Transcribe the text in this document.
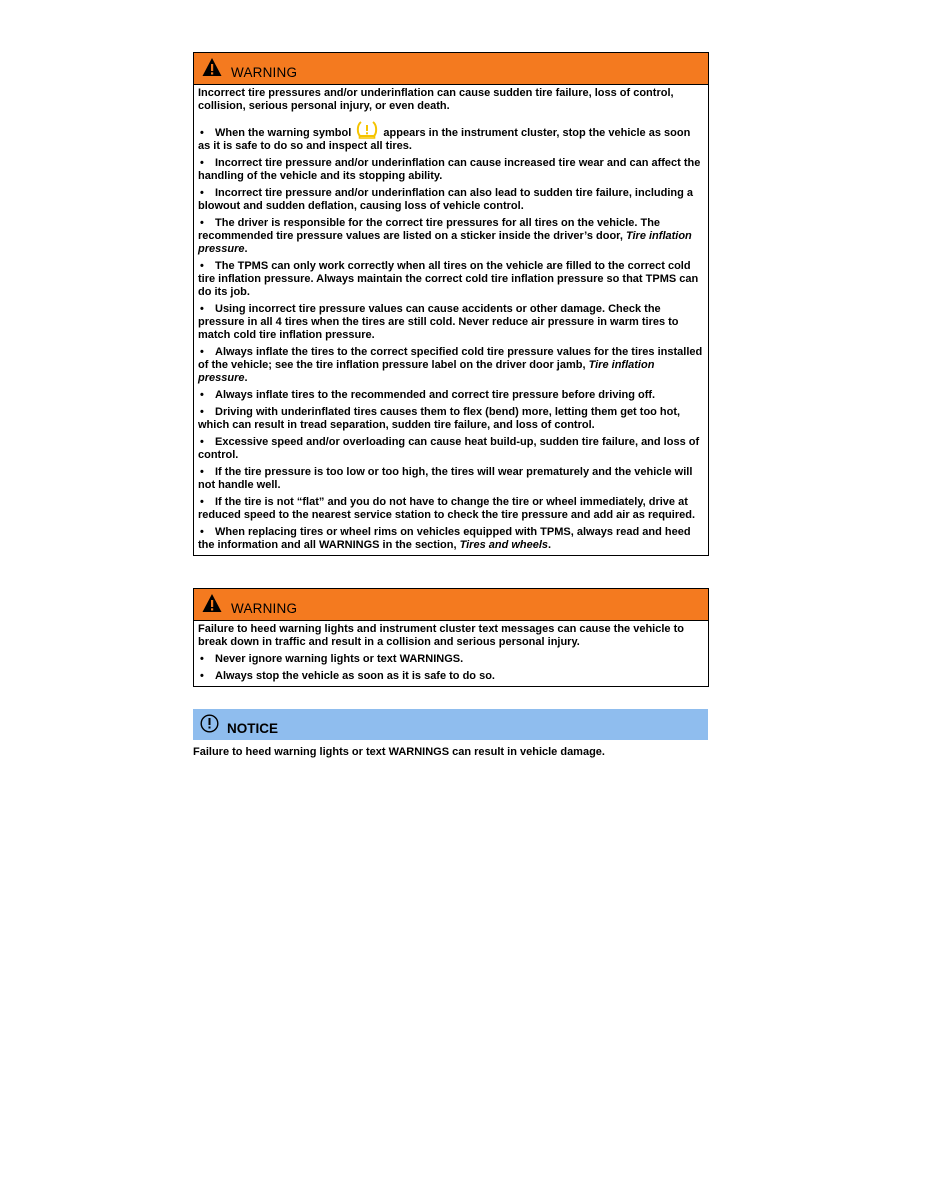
WARNING

Incorrect tire pressures and/or underinflation can cause sudden tire failure, loss of control, collision, serious personal injury, or even death.

• When the warning symbol	appears in the instrument cluster, stop the vehicle as soon as it is safe to do so and inspect all tires.
• Incorrect tire pressure and/or underinflation can cause increased tire wear and can affect the handling of the vehicle and its stopping ability.
• Incorrect tire pressure and/or underinflation can also lead to sudden tire failure, including a blowout and sudden deflation, causing loss of vehicle control.
• The driver is responsible for the correct tire pressures for all tires on the vehicle. The recommended tire pressure values are listed on a sticker inside the driver’s door, Tire inflation pressure.
• The TPMS can only work correctly when all tires on the vehicle are filled to the correct cold tire inflation pressure. Always maintain the correct cold tire inflation pressure so that TPMS can do its job.
• Using incorrect tire pressure values can cause accidents or other damage. Check the pressure in all 4 tires when the tires are still cold. Never reduce air pressure in warm tires to match cold tire inflation pressure.
• Always inflate the tires to the correct specified cold tire pressure values for the tires installed of the vehicle; see the tire inflation pressure label on the driver door jamb, Tire inflation pressure.
• Always inflate tires to the recommended and correct tire pressure before driving off.
• Driving with underinflated tires causes them to flex (bend) more, letting them get too hot, which can result in tread separation, sudden tire failure, and loss of control.
• Excessive speed and/or overloading can cause heat build-up, sudden tire failure, and loss of control.
• If the tire pressure is too low or too high, the tires will wear prematurely and the vehicle will not handle well.
• If the tire is not “flat” and you do not have to change the tire or wheel immediately, drive at reduced speed to the nearest service station to check the tire pressure and add air as required.
• When replacing tires or wheel rims on vehicles equipped with TPMS, always read and heed the information and all WARNINGS in the section, Tires and wheels.
WARNING

Failure to heed warning lights and instrument cluster text messages can cause the vehicle to break down in traffic and result in a collision and serious personal injury.

• Never ignore warning lights or text WARNINGS.
• Always stop the vehicle as soon as it is safe to do so.
NOTICE
Failure to heed warning lights or text WARNINGS can result in vehicle damage.
